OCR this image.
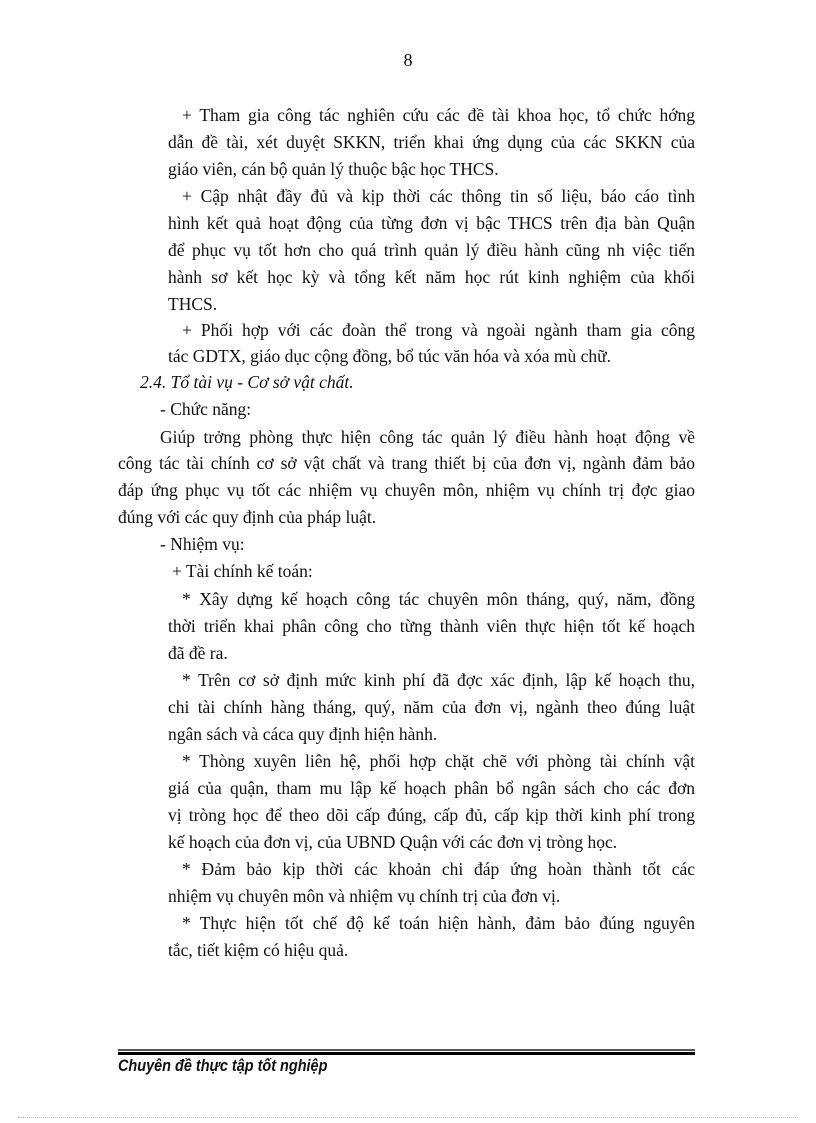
8
+ Tham gia công tác nghiên cứu các đề tài khoa học, tổ chức hớng
dẫn đề tài, xét duyệt SKKN, triển khai ứng dụng của các SKKN của
giáo viên, cán bộ quản lý thuộc bậc học THCS.
+ Cập nhật đầy đủ và kịp thời các thông tin số liệu, báo cáo tình
hình kết quả hoạt động của từng đơn vị bậc THCS trên địa bàn Quận
để phục vụ tốt hơn cho quá trình quản lý điều hành cũng nh việc tiến
hành sơ kết học kỳ và tổng kết năm học rút kinh nghiệm của khối
THCS.
+ Phối hợp với các đoàn thể trong và ngoài ngành tham gia công
tác GDTX, giáo dục cộng đồng, bổ túc văn hóa và xóa mù chữ.
2.4. Tổ tài vụ - Cơ sở vật chất.
- Chức năng:
Giúp trởng phòng thực hiện công tác quản lý điều hành hoạt động về
công tác tài chính cơ sở vật chất và trang thiết bị của đơn vị, ngành đảm bảo
đáp ứng phục vụ tốt các nhiệm vụ chuyên môn, nhiệm vụ chính trị đợc giao
đúng với các quy định của pháp luật.
- Nhiệm vụ:
+ Tài chính kế toán:
* Xây dựng kế hoạch công tác chuyên môn tháng, quý, năm, đồng
thời triển khai phân công cho từng thành viên thực hiện tốt kế hoạch
đã đề ra.
* Trên cơ sở định mức kinh phí đã đợc xác định, lập kế hoạch thu,
chi tài chính hàng tháng, quý, năm của đơn vị, ngành theo đúng luật
ngân sách và cáca quy định hiện hành.
* Thòng xuyên liên hệ, phối hợp chặt chẽ với phòng tài chính vật
giá của quận, tham mu lập kế hoạch phân bổ ngân sách cho các đơn
vị tròng học để theo dõi cấp đúng, cấp đủ, cấp kịp thời kinh phí trong
kế hoạch của đơn vị, của UBND Quận với các đơn vị tròng học.
* Đảm bảo kịp thời các khoản chi đáp ứng hoàn thành tốt các
nhiệm vụ chuyên môn và nhiệm vụ chính trị của đơn vị.
* Thực hiện tốt chế độ kế toán hiện hành, đảm bảo đúng nguyên
tắc, tiết kiệm có hiệu quả.
Chuyên đề thực tập tốt nghiệp
